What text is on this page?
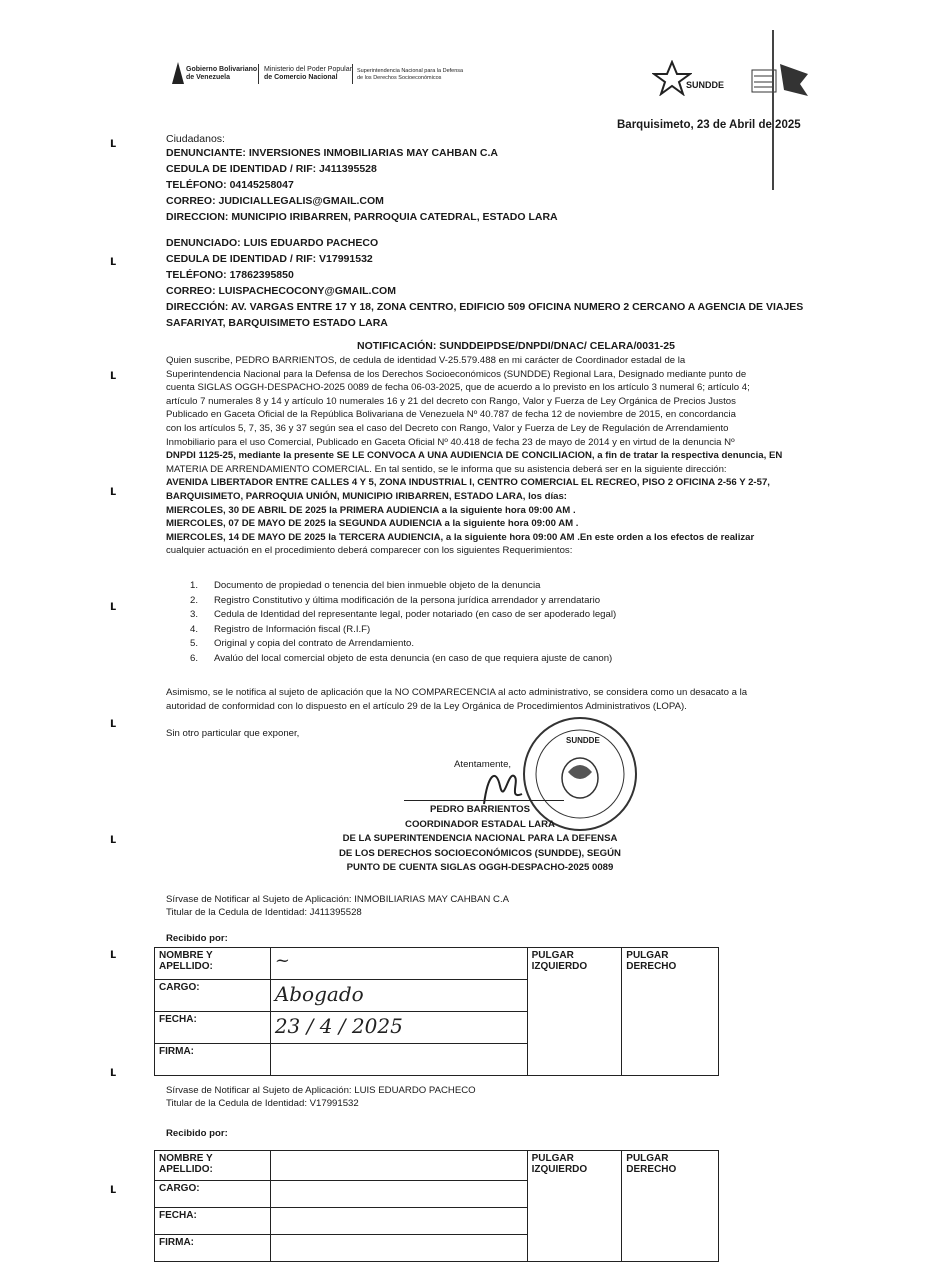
Gobierno Bolivariano
de Venezuela
Ministerio del Poder Popular
de Comercio Nacional
Superintendencia Nacional para la Defensa
de los Derechos Socioeconómicos
SUNDDE
Barquisimeto, 23 de Abril de 2025
ʟ
ʟ
ʟ
ʟ
ʟ
ʟ
ʟ
ʟ
ʟ
ʟ
Ciudadanos:
DENUNCIANTE: INVERSIONES INMOBILIARIAS MAY CAHBAN C.A
CEDULA DE IDENTIDAD / RIF: J411395528
TELÉFONO: 04145258047
CORREO: JUDICIALLEGALIS@GMAIL.COM
DIRECCION: MUNICIPIO IRIBARREN, PARROQUIA CATEDRAL, ESTADO LARA
DENUNCIADO: LUIS EDUARDO PACHECO
CEDULA DE IDENTIDAD / RIF: V17991532
TELÉFONO: 17862395850
CORREO: LUISPACHECOCONY@GMAIL.COM
DIRECCIÓN: AV. VARGAS ENTRE 17 Y 18, ZONA CENTRO, EDIFICIO 509 OFICINA NUMERO 2 CERCANO A AGENCIA DE VIAJES
SAFARIYAT, BARQUISIMETO ESTADO LARA
NOTIFICACIÓN: SUNDDEIPDSE/DNPDI/DNAC/ CELARA/0031-25
Quien suscribe, PEDRO BARRIENTOS, de cedula de identidad V-25.579.488 en mi carácter de Coordinador estadal de la
Superintendencia Nacional para la Defensa de los Derechos Socioeconómicos (SUNDDE) Regional Lara, Designado mediante punto de
cuenta SIGLAS OGGH-DESPACHO-2025 0089 de fecha 06-03-2025, que de acuerdo a lo previsto en los artículo 3 numeral 6; artículo 4;
artículo 7 numerales 8 y 14 y artículo 10 numerales 16 y 21 del decreto con Rango, Valor y Fuerza de Ley Orgánica de Precios Justos
Publicado en Gaceta Oficial de la República Bolivariana de Venezuela Nº 40.787 de fecha 12 de noviembre de 2015, en concordancia
con los artículos 5, 7, 35, 36 y 37 según sea el caso del Decreto con Rango, Valor y Fuerza de Ley de Regulación de Arrendamiento
Inmobiliario para el uso Comercial, Publicado en Gaceta Oficial Nº 40.418 de fecha 23 de mayo de 2014 y en virtud de la denuncia Nº
DNPDI 1125-25, mediante la presente SE LE CONVOCA A UNA AUDIENCIA DE CONCILIACION, a fin de tratar la respectiva denuncia, EN
MATERIA DE ARRENDAMIENTO COMERCIAL. En tal sentido, se le informa que su asistencia deberá ser en la siguiente dirección:
AVENIDA LIBERTADOR ENTRE CALLES 4 Y 5, ZONA INDUSTRIAL I, CENTRO COMERCIAL EL RECREO, PISO 2 OFICINA 2-56 Y 2-57,
BARQUISIMETO, PARROQUIA UNIÓN, MUNICIPIO IRIBARREN, ESTADO LARA, los días:
MIERCOLES, 30 DE ABRIL DE 2025 la PRIMERA AUDIENCIA a la siguiente hora 09:00 AM .
MIERCOLES, 07 DE MAYO DE 2025 la SEGUNDA AUDIENCIA a la siguiente hora 09:00 AM .
MIERCOLES, 14 DE MAYO DE 2025 la TERCERA AUDIENCIA, a la siguiente hora 09:00 AM .En este orden a los efectos de realizar
cualquier actuación en el procedimiento deberá comparecer con los siguientes Requerimientos:
1. Documento de propiedad o tenencia del bien inmueble objeto de la denuncia
2. Registro Constitutivo y última modificación de la persona jurídica arrendador y arrendatario
3. Cedula de Identidad del representante legal, poder notariado (en caso de ser apoderado legal)
4. Registro de Información fiscal (R.I.F)
5. Original y copia del contrato de Arrendamiento.
6. Avalúo del local comercial objeto de esta denuncia (en caso de que requiera ajuste de canon)
Asimismo, se le notifica al sujeto de aplicación que la NO COMPARECENCIA al acto administrativo, se considera como un desacato a la
autoridad de conformidad con lo dispuesto en el artículo 29 de la Ley Orgánica de Procedimientos Administrativos (LOPA).
Sin otro particular que exponer,
SUNDDE
Atentamente,
PEDRO BARRIENTOS
COORDINADOR ESTADAL LARA
DE LA SUPERINTENDENCIA NACIONAL PARA LA DEFENSA
DE LOS DERECHOS SOCIOECONÓMICOS (SUNDDE), SEGÚN
PUNTO DE CUENTA SIGLAS OGGH-DESPACHO-2025 0089
Sírvase de Notificar al Sujeto de Aplicación: INMOBILIARIAS MAY CAHBAN C.A
Titular de la Cedula de Identidad: J411395528
Recibido por:
NOMBRE Y APELLIDO:	~	PULGAR IZQUIERDO	PULGAR DERECHO
CARGO:	Abogado		
FECHA:	23 / 4 / 2025		
FIRMA:			
Sírvase de Notificar al Sujeto de Aplicación: LUIS EDUARDO PACHECO
Titular de la Cedula de Identidad: V17991532
Recibido por:
NOMBRE Y APELLIDO:		PULGAR IZQUIERDO	PULGAR DERECHO
CARGO:			
FECHA:			
FIRMA:			
